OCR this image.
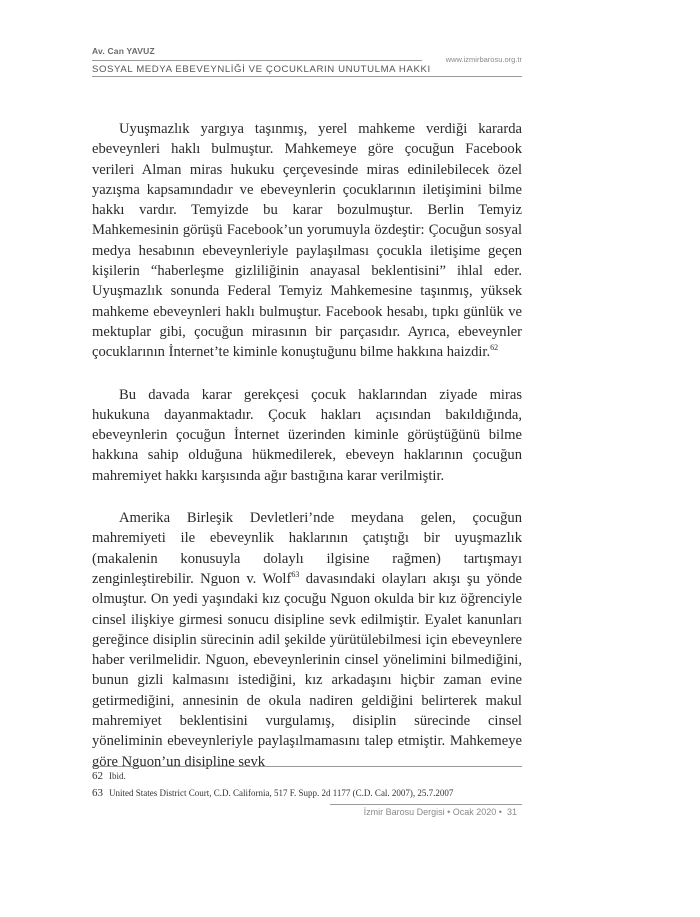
Av. Can YAVUZ
www.izmirbarosu.org.tr
SOSYAL MEDYA EBEVEYNLİĞİ VE ÇOCUKLARIN UNUTULMA HAKKI

Uyuşmazlık yargıya taşınmış, yerel mahkeme verdiği kararda ebeveynleri haklı bulmuştur. Mahkemeye göre çocuğun Facebook verileri Alman miras hukuku çerçevesinde miras edinilebilecek özel yazışma kapsamındadır ve ebeveynlerin çocuklarının iletişimini bilme hakkı vardır. Temyizde bu karar bozulmuştur. Berlin Temyiz Mahkemesinin görüşü Facebook’un yorumuyla özdeştir: Çocuğun sosyal medya hesabının ebeveynleriyle paylaşılması çocukla iletişime geçen kişilerin “haberleşme gizliliğinin anayasal beklentisini” ihlal eder. Uyuşmazlık sonunda Federal Temyiz Mahkemesine taşınmış, yüksek mahkeme ebeveynleri haklı bulmuştur. Facebook hesabı, tıpkı günlük ve mektuplar gibi, çocuğun mirasının bir parçasıdır. Ayrıca, ebeveynler çocuklarının İnternet’te kiminle konuştuğunu bilme hakkına haizdir.$^{62}$

Bu davada karar gerekçesi çocuk haklarından ziyade miras hukukuna dayanmaktadır. Çocuk hakları açısından bakıldığında, ebeveynlerin çocuğun İnternet üzerinden kiminle görüştüğünü bilme hakkına sahip olduğuna hükmedilerek, ebeveyn haklarının çocuğun mahremiyet hakkı karşısında ağır bastığına karar verilmiştir.

Amerika Birleşik Devletleri’nde meydana gelen, çocuğun mahremiyeti ile ebeveynlik haklarının çatıştığı bir uyuşmazlık (makalenin konusuyla dolaylı ilgisine rağmen) tartışmayı zenginleştirebilir. Nguon v. Wolf$^{63}$ davasındaki olayları akışı şu yönde olmuştur. On yedi yaşındaki kız çocuğu Nguon okulda bir kız öğrenciyle cinsel ilişkiye girmesi sonucu disipline sevk edilmiştir. Eyalet kanunları gereğince disiplin sürecinin adil şekilde yürütülebilmesi için ebeveynlere haber verilmelidir. Nguon, ebeveynlerinin cinsel yönelimini bilmediğini, bunun gizli kalmasını istediğini, kız arkadaşını hiçbir zaman evine getirmediğini, annesinin de okula nadiren geldiğini belirterek makul mahremiyet beklentisini vurgulamış, disiplin sürecinde cinsel yöneliminin ebeveynleriyle paylaşılmamasını talep etmiştir. Mahkemeye göre Nguon’un disipline sevk

62 Ibid.
63 United States District Court, C.D. California, 517 F. Supp. 2d 1177 (C.D. Cal. 2007), 25.7.2007
İzmir Barosu Dergisi • Ocak 2020 • 31
